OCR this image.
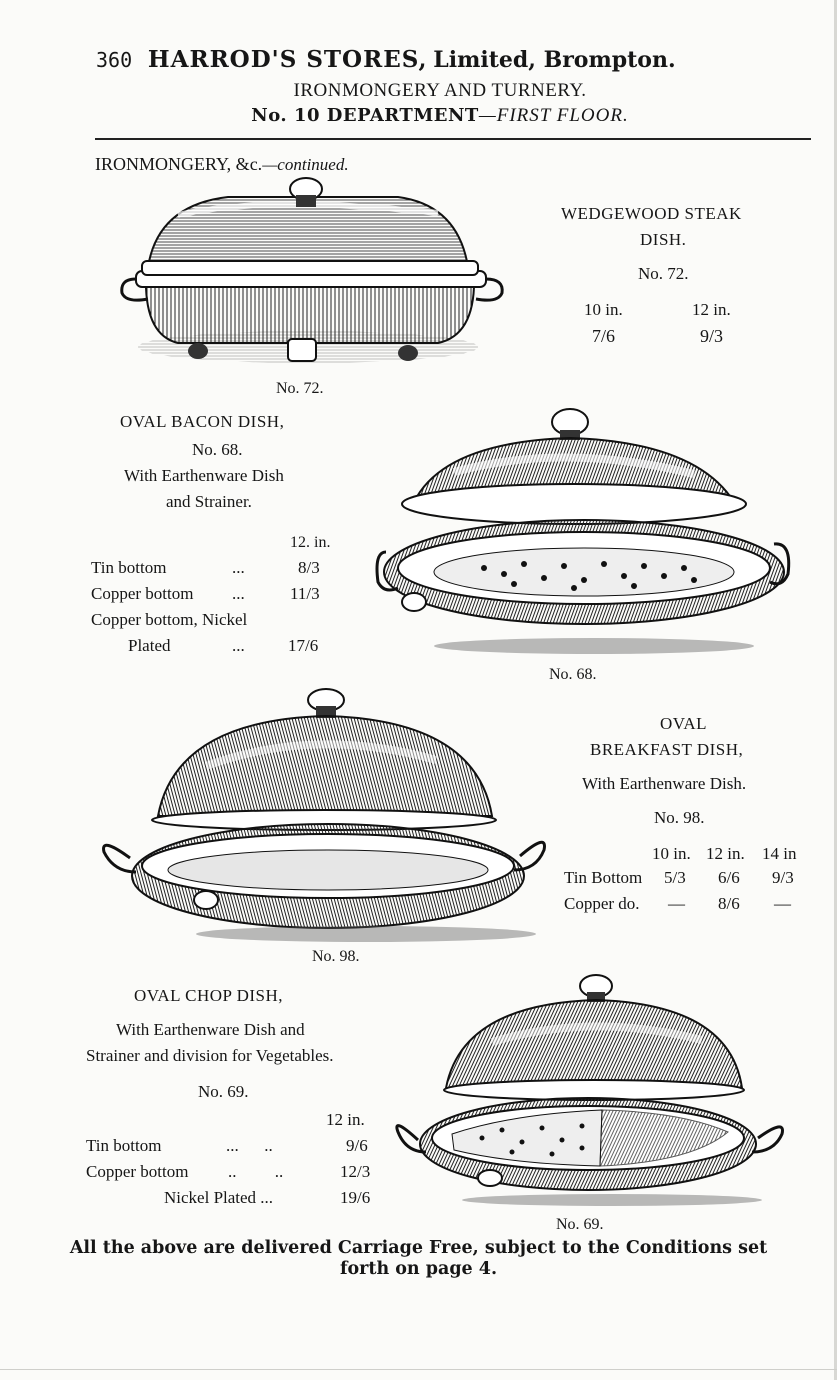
360 HARROD'S STORES, Limited, Brompton.
IRONMONGERY AND TURNERY.
No. 10 DEPARTMENT—FIRST FLOOR.
IRONMONGERY, &c.—continued.
WEDGEWOOD STEAK
DISH.
No. 72.
10 in.	12 in.
7/6	9/3
No. 72.
OVAL BACON DISH,
No. 68.
With Earthenware Dish
and Strainer.
12. in.
Tin bottom	...	8/3
Copper bottom ...	11/3
Copper bottom, Nickel
Plated	...	17/6
No. 68.
No. 98.
OVAL
BREAKFAST DISH,
With Earthenware Dish.
No. 98.
10 in. 12 in. 14 in
Tin Bottom 5/3 6/6 9/3
Copper do. — 8/6 —
OVAL CHOP DISH,
With Earthenware Dish and
Strainer and division for Vegetables.
No. 69.
12 in.
Tin bottom	...      ..	9/6
Copper bottom ..         ..	12/3
Nickel Plated ...	19/6
No. 69.
All the above are delivered Carriage Free, subject to the Conditions set
forth on page 4.
